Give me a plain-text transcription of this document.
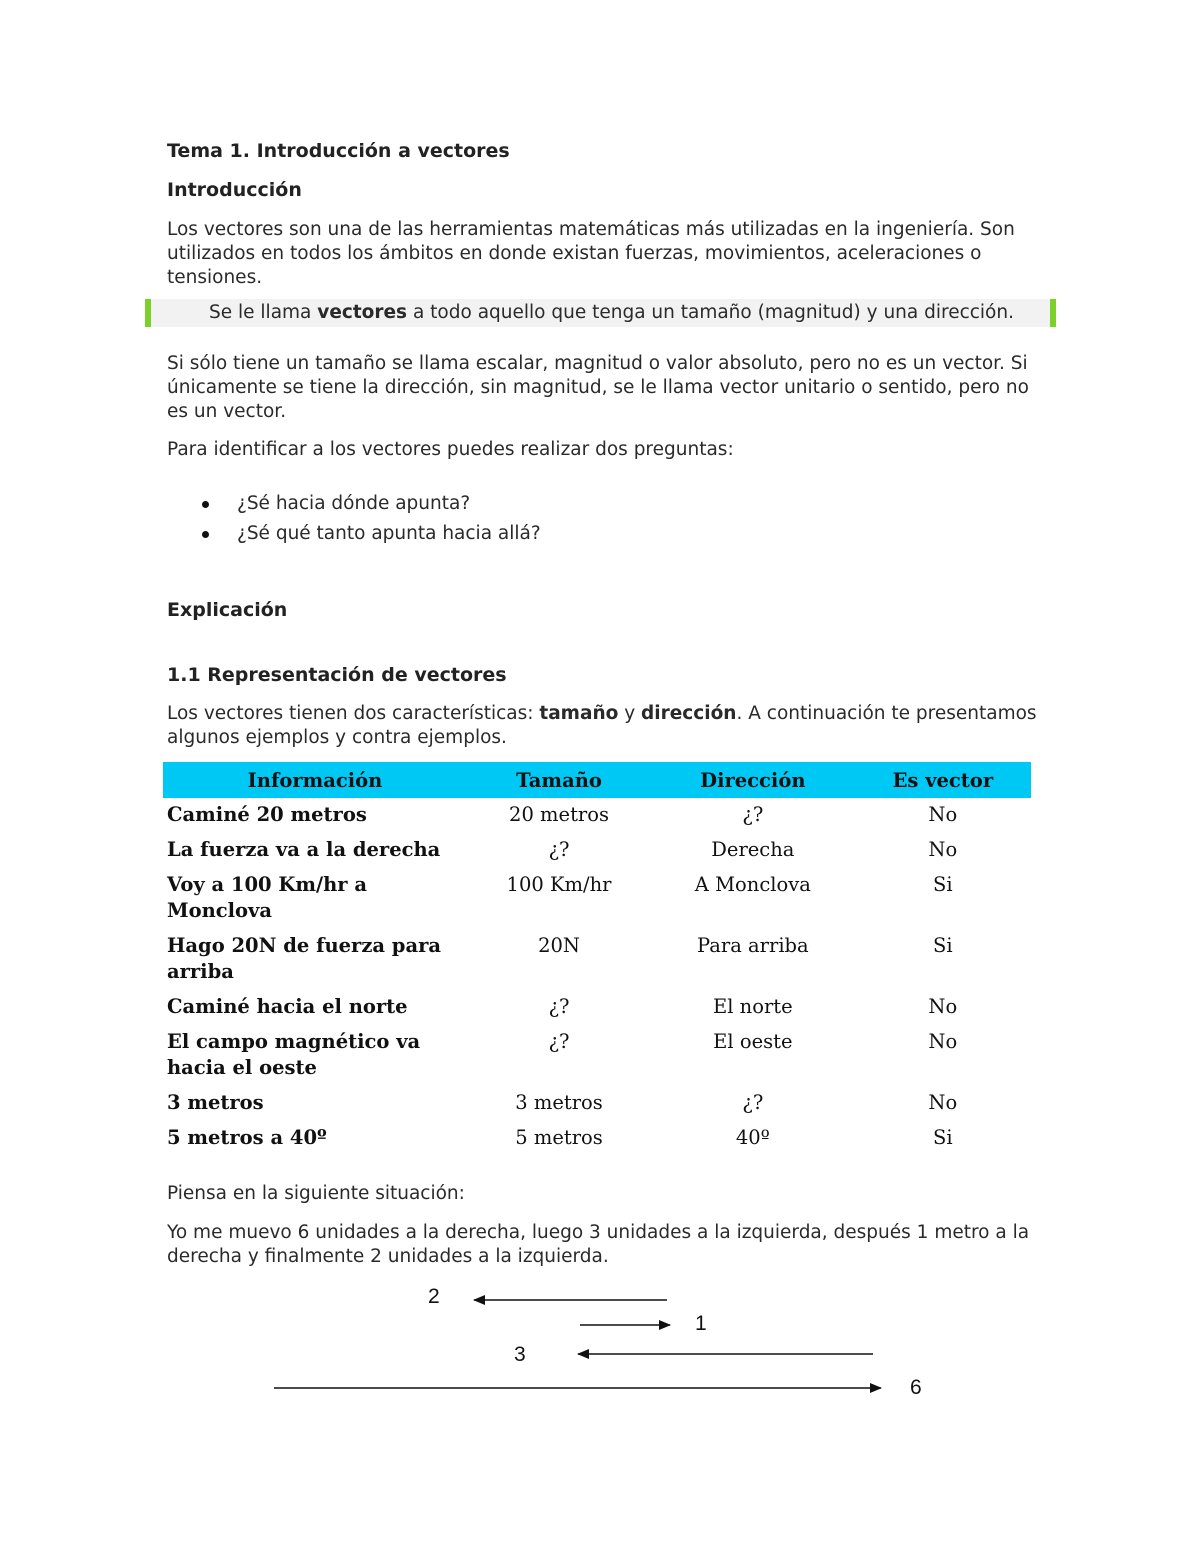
Tema 1. Introducción a vectores
Introducción
Los vectores son una de las herramientas matemáticas más utilizadas en la ingeniería. Son utilizados en todos los ámbitos en donde existan fuerzas, movimientos, aceleraciones o tensiones.
Se le llama vectores a todo aquello que tenga un tamaño (magnitud) y una dirección.
Si sólo tiene un tamaño se llama escalar, magnitud o valor absoluto, pero no es un vector. Si únicamente se tiene la dirección, sin magnitud, se le llama vector unitario o sentido, pero no es un vector.
Para identificar a los vectores puedes realizar dos preguntas:
¿Sé hacia dónde apunta?
¿Sé qué tanto apunta hacia allá?
Explicación
1.1 Representación de vectores
Los vectores tienen dos características: tamaño y dirección. A continuación te presentamos algunos ejemplos y contra ejemplos.
Información	Tamaño	Dirección	Es vector
Caminé 20 metros	20 metros	¿?	No
La fuerza va a la derecha	¿?	Derecha	No
Voy a 100 Km/hr a Monclova	100 Km/hr	A Monclova	Si
Hago 20N de fuerza para arriba	20N	Para arriba	Si
Caminé hacia el norte	¿?	El norte	No
El campo magnético va hacia el oeste	¿?	El oeste	No
3 metros	3 metros	¿?	No
5 metros a 40º	5 metros	40º	Si
Piensa en la siguiente situación:
Yo me muevo 6 unidades a la derecha, luego 3 unidades a la izquierda, después 1 metro a la derecha y finalmente 2 unidades a la izquierda.
2
1
3
6
